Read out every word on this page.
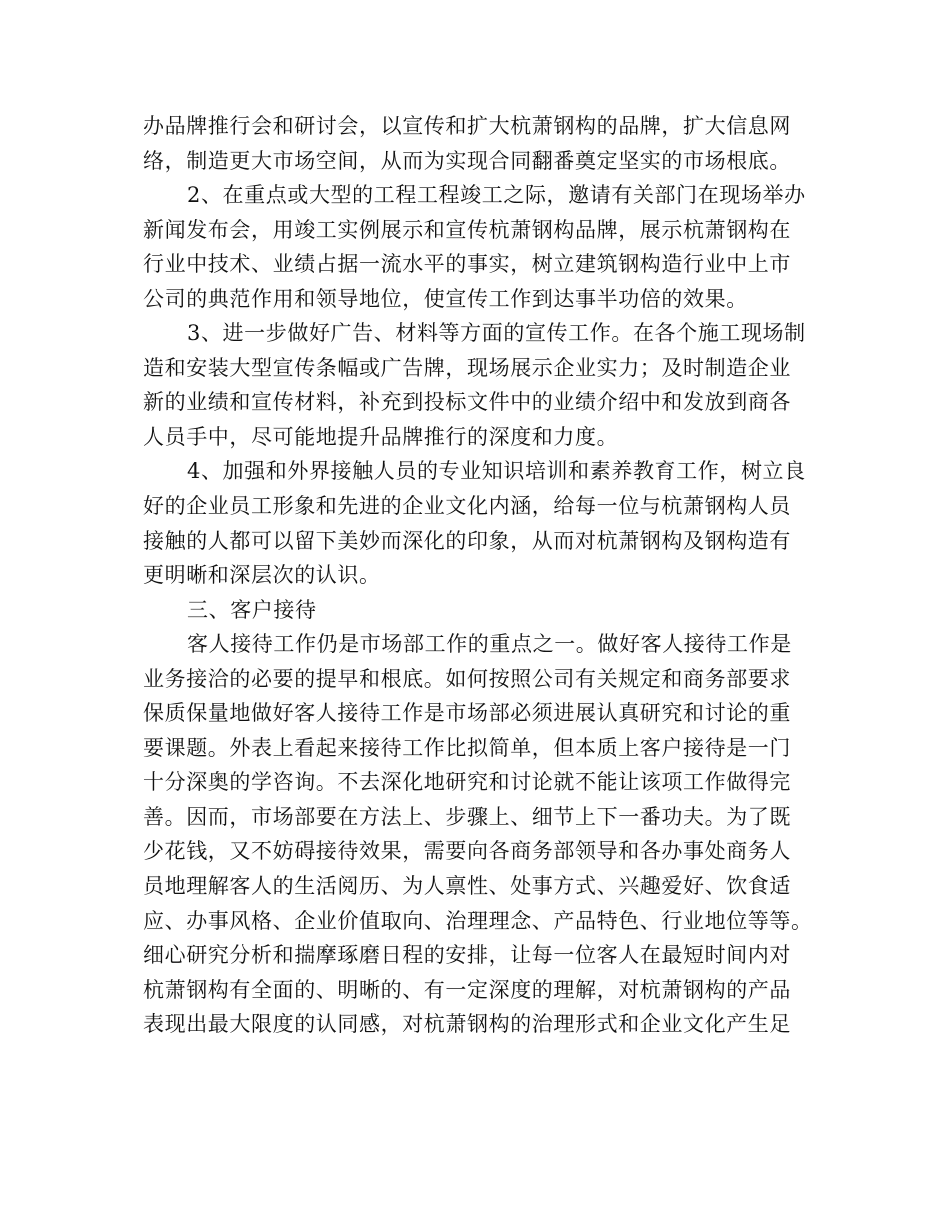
办品牌推行会和研讨会，以宣传和扩大杭萧钢构的品牌，扩大信息网
络，制造更大市场空间，从而为实现合同翻番奠定坚实的市场根底。
2、在重点或大型的工程工程竣工之际，邀请有关部门在现场举办
新闻发布会，用竣工实例展示和宣传杭萧钢构品牌，展示杭萧钢构在
行业中技术、业绩占据一流水平的事实，树立建筑钢构造行业中上市
公司的典范作用和领导地位，使宣传工作到达事半功倍的效果。
3、进一步做好广告、材料等方面的宣传工作。在各个施工现场制
造和安装大型宣传条幅或广告牌，现场展示企业实力；及时制造企业
新的业绩和宣传材料，补充到投标文件中的业绩介绍中和发放到商各
人员手中，尽可能地提升品牌推行的深度和力度。
4、加强和外界接触人员的专业知识培训和素养教育工作，树立良
好的企业员工形象和先进的企业文化内涵，给每一位与杭萧钢构人员
接触的人都可以留下美妙而深化的印象，从而对杭萧钢构及钢构造有
更明晰和深层次的认识。
三、客户接待
客人接待工作仍是市场部工作的重点之一。做好客人接待工作是
业务接洽的必要的提早和根底。如何按照公司有关规定和商务部要求
保质保量地做好客人接待工作是市场部必须进展认真研究和讨论的重
要课题。外表上看起来接待工作比拟简单，但本质上客户接待是一门
十分深奥的学咨询。不去深化地研究和讨论就不能让该项工作做得完
善。因而，市场部要在方法上、步骤上、细节上下一番功夫。为了既
少花钱，又不妨碍接待效果，需要向各商务部领导和各办事处商务人
员地理解客人的生活阅历、为人禀性、处事方式、兴趣爱好、饮食适
应、办事风格、企业价值取向、治理理念、产品特色、行业地位等等。
细心研究分析和揣摩琢磨日程的安排，让每一位客人在最短时间内对
杭萧钢构有全面的、明晰的、有一定深度的理解，对杭萧钢构的产品
表现出最大限度的认同感，对杭萧钢构的治理形式和企业文化产生足
